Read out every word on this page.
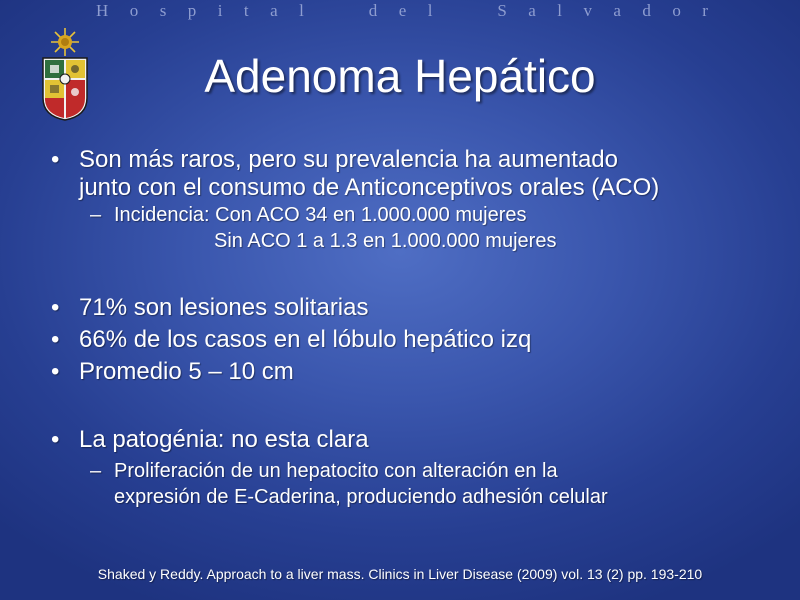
H o s p i t a l	d e l	S a l v a d o r
Adenoma Hepático
• Son más raros, pero su prevalencia ha aumentado
junto con el consumo de Anticonceptivos orales (ACO)
– Incidencia: Con ACO 34 en 1.000.000 mujeres
Sin ACO 1 a 1.3 en 1.000.000 mujeres
• 71% son lesiones solitarias
• 66% de los casos en el lóbulo hepático izq
• Promedio 5 – 10 cm
• La patogénia: no esta clara
– Proliferación de un hepatocito con alteración en la
expresión de E-Caderina, produciendo adhesión celular
Shaked y Reddy. Approach to a liver mass. Clinics in Liver Disease (2009) vol. 13 (2) pp. 193-210
